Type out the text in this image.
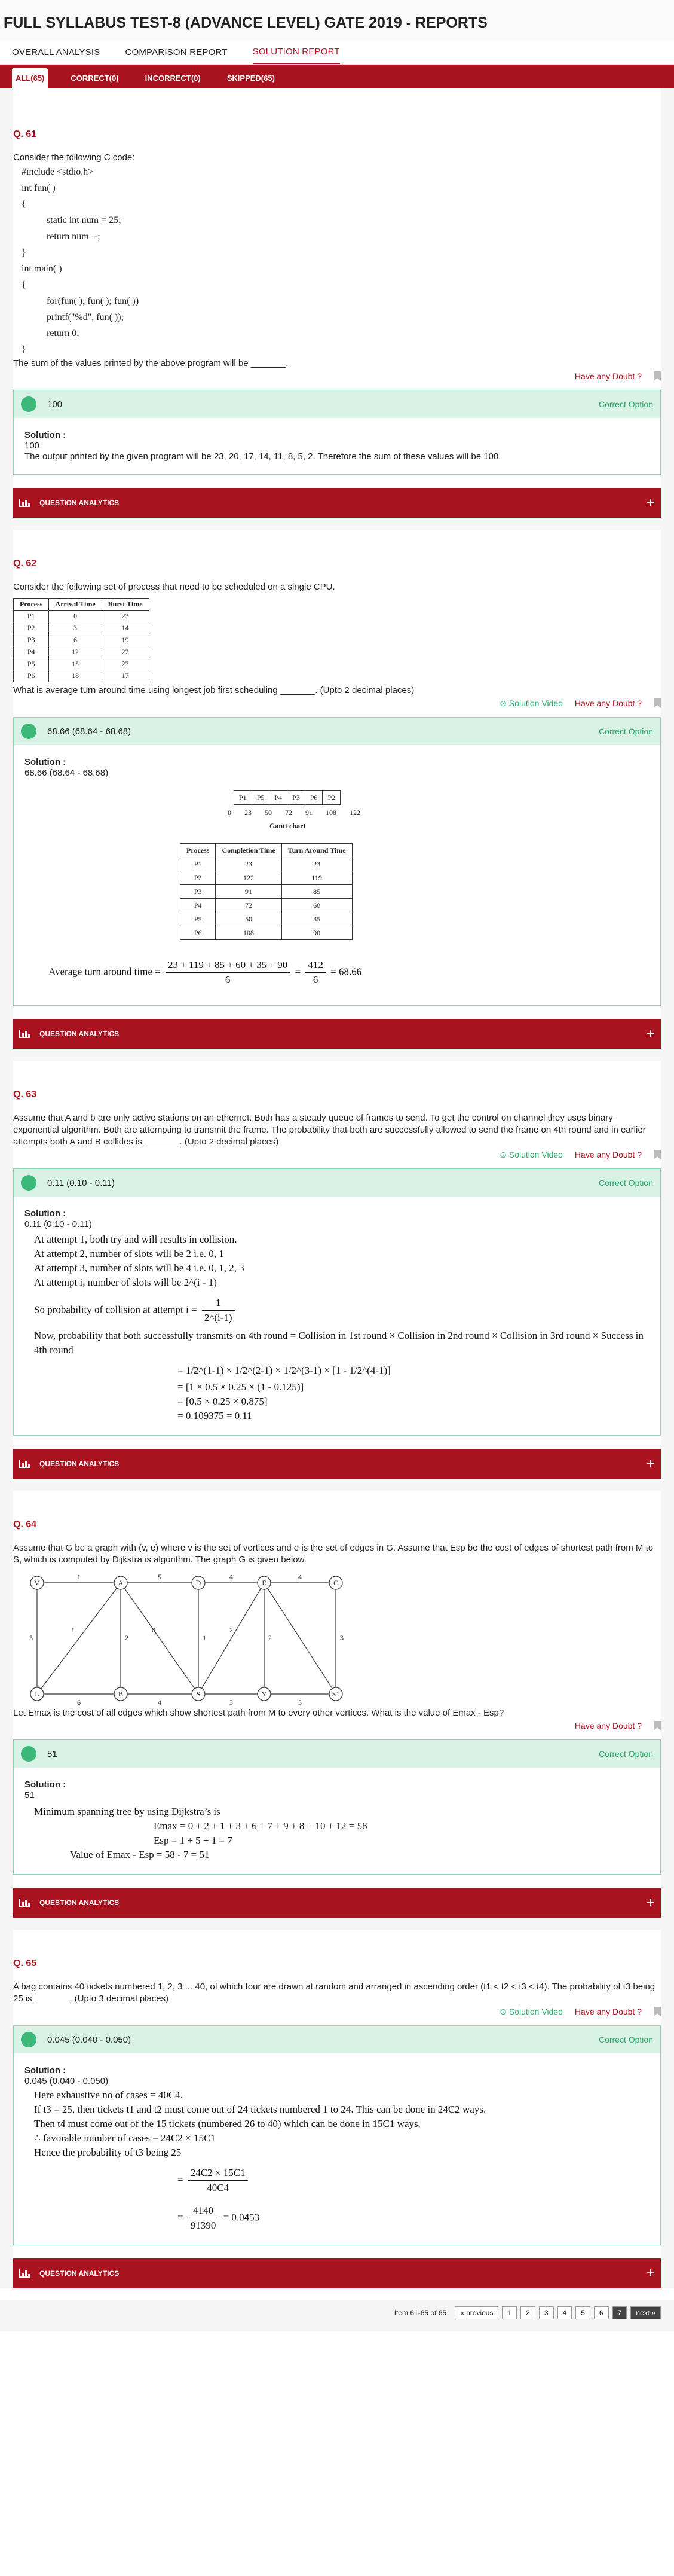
FULL SYLLABUS TEST-8 (ADVANCE LEVEL) GATE 2019 - REPORTS
OVERALL ANALYSIS	COMPARISON REPORT	SOLUTION REPORT
ALL(65)	CORRECT(0)	INCORRECT(0)	SKIPPED(65)
Q. 61
Consider the following C code:
#include <stdio.h>
int fun( )
{
static int num = 25;
return num --;
}
int main( )
{
for(fun( ); fun( ); fun( ))
printf("%d", fun( ));
return 0;
}
The sum of the values printed by the above program will be _______.
Have any Doubt ?
100	Correct Option
Solution :
100
The output printed by the given program will be 23, 20, 17, 14, 11, 8, 5, 2. Therefore the sum of these values will be 100.
QUESTION ANALYTICS	+
Q. 62
Consider the following set of process that need to be scheduled on a single CPU.
Process	Arrival Time	Burst Time
P1	0	23
P2	3	14
P3	6	19
P4	12	22
P5	15	27
P6	18	17
What is average turn around time using longest job first scheduling _______. (Upto 2 decimal places)
⊙ Solution Video Have any Doubt ?
68.66 (68.64 - 68.68)	Correct Option
Solution :
68.66 (68.64 - 68.68)
P1	P5	P4	P3	P6	P2
0 23 50 72 91 108 122
Gantt chart
Process	Completion Time	Turn Around Time
P1	23	23
P2	122	119
P3	91	85
P4	72	60
P5	50	35
P6	108	90
Average turn around time = $\frac{23 + 119 + 85 + 60 + 35 + 90}{6} = \frac{412}{6} = 68.66$
QUESTION ANALYTICS	+
Q. 63
Assume that A and b are only active stations on an ethernet. Both has a steady queue of frames to send. To get the control on channel they uses binary exponential algorithm. Both are attempting to transmit the frame. The probability that both are successfully allowed to send the frame on 4th round and in earlier attempts both A and B collides is _______. (Upto 2 decimal places)
⊙ Solution Video Have any Doubt ?
0.11 (0.10 - 0.11)	Correct Option
Solution :
0.11 (0.10 - 0.11)
At attempt 1, both try and will results in collision.
At attempt 2, number of slots will be 2 i.e. 0, 1
At attempt 3, number of slots will be 4 i.e. 0, 1, 2, 3
At attempt i, number of slots will be 2^(i - 1)
So probability of collision at attempt $i = \frac{1}{2\^{}(i-1)}$
Now, probability that both successfully transmits on 4th round = Collision in 1st round × Collision in 2nd round × Collision in 3rd round × Success in 4th round
= 1/2^(1-1) × 1/2^(2-1) × 1/2^(3-1) × [1 - 1/2^(4-1)]
= [1 × 0.5 × 0.25 × (1 - 0.125)]
= [0.5 × 0.25 × 0.875]
= 0.109375 = 0.11
QUESTION ANALYTICS	+
Q. 64
Assume that G be a graph with (v, e) where v is the set of vertices and e is the set of edges in G. Assume that Esp be the cost of edges of shortest path from M to S, which is computed by Dijkstra is algorithm. The graph G is given below.
M	A	D	E	C
L	B	S	Y	S1
1	5	4	4
5
1
2
0
1
2
2	3
6	4	3	5
Let Emax is the cost of all edges which show shortest path from M to every other vertices. What is the value of Emax - Esp?
Have any Doubt ?
51	Correct Option
Solution :
51
Minimum spanning tree by using Dijkstra’s is
Emax = 0 + 2 + 1 + 3 + 6 + 7 + 9 + 8 + 10 + 12 = 58
Esp = 1 + 5 + 1 = 7
Value of Emax - Esp = 58 - 7 = 51
QUESTION ANALYTICS	+
Q. 65
A bag contains 40 tickets numbered 1, 2, 3 ... 40, of which four are drawn at random and arranged in ascending order (t1 < t2 < t3 < t4). The probability of t3 being 25 is _______. (Upto 3 decimal places)
⊙ Solution Video Have any Doubt ?
0.045 (0.040 - 0.050)	Correct Option
Solution :
0.045 (0.040 - 0.050)
Here exhaustive no of cases = 40C4.
If t3 = 25, then tickets t1 and t2 must come out of 24 tickets numbered 1 to 24. This can be done in 24C2 ways.
Then t4 must come out of the 15 tickets (numbered 26 to 40) which can be done in 15C1 ways.
∴ favorable number of cases = 24C2 × 15C1
Hence the probability of t3 being 25
= $\frac{24C2 \times 15C1}{40C4}$
= $\frac{4140}{91390} = 0.0453$
QUESTION ANALYTICS	+
Item 61-65 of 65	« previous	1	2	3	4	5	6	7	next »
